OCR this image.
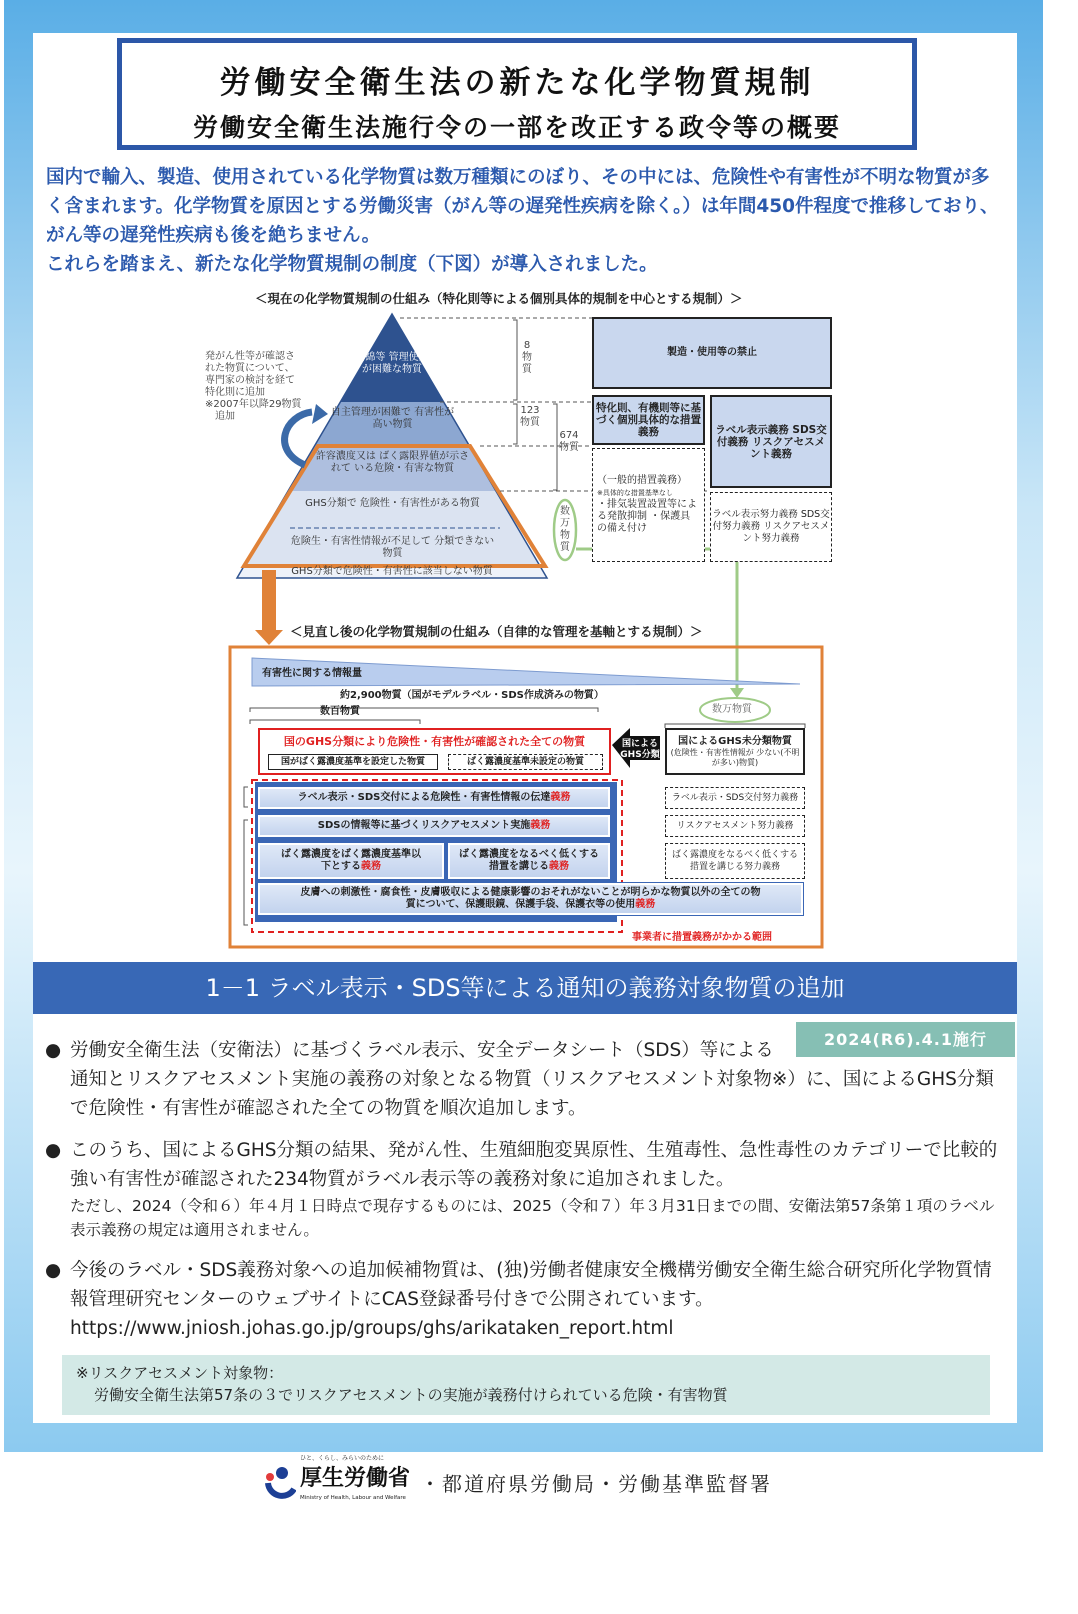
労働安全衛生法の新たな化学物質規制
労働安全衛生法施行令の一部を改正する政令等の概要
国内で輸入、製造、使用されている化学物質は数万種類にのぼり、その中には、危険性や有害性が不明な物質が多く含まれます。化学物質を原因とする労働災害（がん等の遅発性疾病を除く。）は年間450件程度で推移しており、がん等の遅発性疾病も後を絶ちません。
これらを踏まえ、新たな化学物質規制の制度（下図）が導入されました。
＜現在の化学物質規制の仕組み（特化則等による個別具体的規制を中心とする規制）＞
発がん性等が確認さ
れた物質について、
専門家の検討を経て
特化則に追加
※2007年以降29物質
　追加
石綿等 管理使用 が困難な物質
自主管理が困難で 有害性が高い物質
許容濃度又は ばく露限界値が示されて いる危険・有害な物質
GHS分類で 危険性・有害性がある物質
危険生・有害性情報が不足して 分類できない物質
GHS分類で危険性・有害性に該当しない物質
8物質
123物質
674物質
数万物質
製造・使用等の禁止
特化則、有機則等に基づく個別具体的な措置義務	ラベル表示義務 SDS交付義務 リスクアセスメント義務
（一般的措置義務）
※具体的な措置基準なし
・排気装置設置等による発散抑制 ・保護具の備え付け
ラベル表示努力義務 SDS交付努力義務 リスクアセスメント努力義務
＜見直し後の化学物質規制の仕組み（自律的な管理を基軸とする規制）＞
有害性に関する情報量
約2,900物質（国がモデルラベル・SDS作成済みの物質）
数百物質	数万物質
国のGHS分類により危険性・有害性が確認された全ての物質
国がばく露濃度基準を設定した物質	ばく露濃度基準未設定の物質
国による GHS分類
国によるGHS未分類物質
(危険性・有害性情報が 少ない(不明が多い)物質)
ラベル表示・SDS交付による危険性・有害性情報の伝達 義務
SDSの情報等に基づくリスクアセスメント実施 義務
ばく露濃度をばく露濃度基準以下とする義務
ばく露濃度をなるべく低くする措置を講じる義務
皮膚への刺激性・腐食性・皮膚吸収による健康影響のおそれがないことが明らかな物質以外の全ての物質について、保護眼鏡、保護手袋、保護衣等の使用義務
ラベル表示・SDS交付努力義務
リスクアセスメント努力義務
ばく露濃度をなるべく低くする措置を講じる努力義務
事業者に措置義務がかかる範囲
1－1 ラベル表示・SDS等による通知の義務対象物質の追加
2024(R6).4.1施行
● 労働安全衛生法（安衛法）に基づくラベル表示、安全データシート（SDS）等による通知とリスクアセスメント実施の義務の対象となる物質（リスクアセスメント対象物※）に、国によるGHS分類で危険性・有害性が確認された全ての物質を順次追加します。
● このうち、国によるGHS分類の結果、発がん性、生殖細胞変異原性、生殖毒性、急性毒性のカテゴリーで比較的強い有害性が確認された234物質がラベル表示等の義務対象に追加されました。
ただし、2024（令和６）年４月１日時点で現存するものには、2025（令和７）年３月31日までの間、安衛法第57条第１項のラベル表示義務の規定は適用されません。
● 今後のラベル・SDS義務対象への追加候補物質は、(独)労働者健康安全機構労働安全衛生総合研究所化学物質情報管理研究センターのウェブサイトにCAS登録番号付きで公開されています。
https://www.jniosh.johas.go.jp/groups/ghs/arikataken_report.html
※リスクアセスメント対象物：
労働安全衛生法第57条の３でリスクアセスメントの実施が義務付けられている危険・有害物質
ひと、くらし、みらいのために
厚生労働省
Ministry of Health, Labour and Welfare
・都道府県労働局・労働基準監督署
